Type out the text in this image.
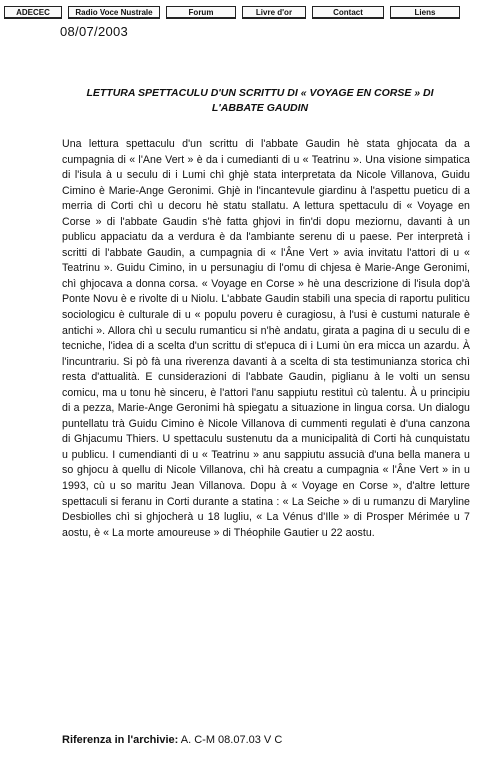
ADECEC	Radio Voce Nustrale	Forum	Livre d'or	Contact	Liens
08/07/2003
LETTURA SPETTACULU D'UN SCRITTU DI « VOYAGE EN CORSE » DI L'ABBATE GAUDIN

Una lettura spettaculu d'un scrittu di l'abbate Gaudin hè stata ghjocata da a cumpagnia di « l'Ane Vert » è da i cumedianti di u « Teatrinu ». Una visione simpatica di l'isula à u seculu di i Lumi chì ghjè stata interpretata da Nicole Villanova, Guidu Cimino è Marie-Ange Geronimi. Ghjè in l'incantevule giardinu à l'aspettu pueticu di a merria di Corti chì u decoru hè statu stallatu. A lettura spettaculu di « Voyage en Corse » di l'abbate Gaudin s'hè fatta ghjovi in fin'di dopu meziornu, davanti à un publicu appaciatu da a verdura è da l'ambiante serenu di u paese. Per interpretà i scritti di l'abbate Gaudin, a cumpagnia di « l'Âne Vert » avia invitatu l'attori di u « Teatrinu ». Guidu Cimino, in u persunagiu di l'omu di chjesa è Marie-Ange Geronimi, chì ghjocava a donna corsa. « Voyage en Corse » hè una descrizione di l'isula dop'à Ponte Novu è e rivolte di u Niolu. L'abbate Gaudin stabilì una specia di raportu puliticu sociologicu è culturale di u « populu poveru è curagiosu, à l'usi è custumi naturale è antichi ». Allora chì u seculu rumanticu si n'hè andatu, girata a pagina di u seculu di e tecniche, l'idea di a scelta d'un scrittu di st'epuca di i Lumi ùn era micca un azardu. À l'incuntrariu. Si pò fà una riverenza davanti à a scelta di sta testimunianza storica chì resta d'attualità. E cunsiderazioni di l'abbate Gaudin, piglianu à le volti un sensu comicu, ma u tonu hè sinceru, è l'attori l'anu sappiutu restituì cù talentu. À u principiu di a pezza, Marie-Ange Geronimi hà spiegatu a situazione in lingua corsa. Un dialogu puntellatu trà Guidu Cimino è Nicole Villanova di cummenti regulati è d'una canzona di Ghjacumu Thiers. U spettaculu sustenutu da a municipalità di Corti hà cunquistatu u publicu. I cumendianti di u « Teatrinu » anu sappiutu assucià d'una bella manera u so ghjocu à quellu di Nicole Villanova, chì hà creatu a cumpagnia « l'Âne Vert » in u 1993, cù u so maritu Jean Villanova. Dopu à « Voyage en Corse », d'altre letture spettaculi si feranu in Corti durante a statina : « La Seiche » di u rumanzu di Maryline Desbiolles chì si ghjocherà u 18 lugliu, « La Vénus d'Ille » di Prosper Mérimée u 7 aostu, è « La morte amoureuse » di Théophile Gautier u 22 aostu.

Riferenza in l'archivie: A. C-M 08.07.03 V C
